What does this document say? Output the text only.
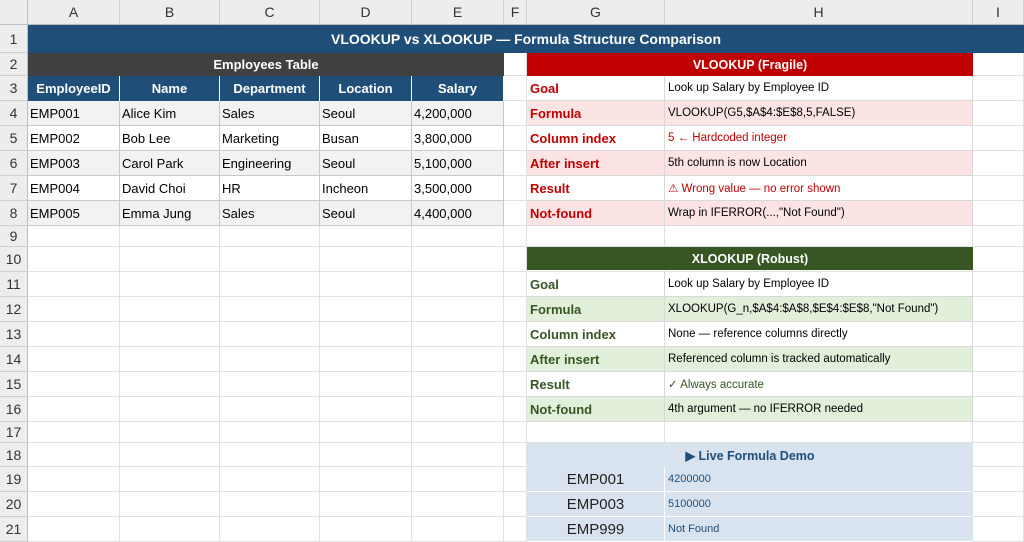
A	B	C	D	E	F	G	H	I
1
2
3
4
5
6
7
8
9
10
11
12
13
14
15
16
17
18
19
20
21
VLOOKUP vs XLOOKUP — Formula Structure Comparison
Employees Table
EmployeeID	Name	Department	Location	Salary
EMP001	Alice Kim	Sales	Seoul	4,200,000
EMP002	Bob Lee	Marketing	Busan	3,800,000
EMP003	Carol Park	Engineering	Seoul	5,100,000
EMP004	David Choi	HR	Incheon	3,500,000
EMP005	Emma Jung	Sales	Seoul	4,400,000
VLOOKUP (Fragile)
Goal	Look up Salary by Employee ID
Formula	VLOOKUP(G5,$A$4:$E$8,5,FALSE)
Column index	5 ← Hardcoded integer
After insert	5th column is now Location
Result	⚠ Wrong value — no error shown
Not-found	Wrap in IFERROR(...,"Not Found")
XLOOKUP (Robust)
Goal	Look up Salary by Employee ID
Formula	XLOOKUP(G_n,$A$4:$A$8,$E$4:$E$8,"Not Found")
Column index	None — reference columns directly
After insert	Referenced column is tracked automatically
Result	✓ Always accurate
Not-found	4th argument — no IFERROR needed
▶ Live Formula Demo
EMP001	4200000
EMP003	5100000
EMP999	Not Found
